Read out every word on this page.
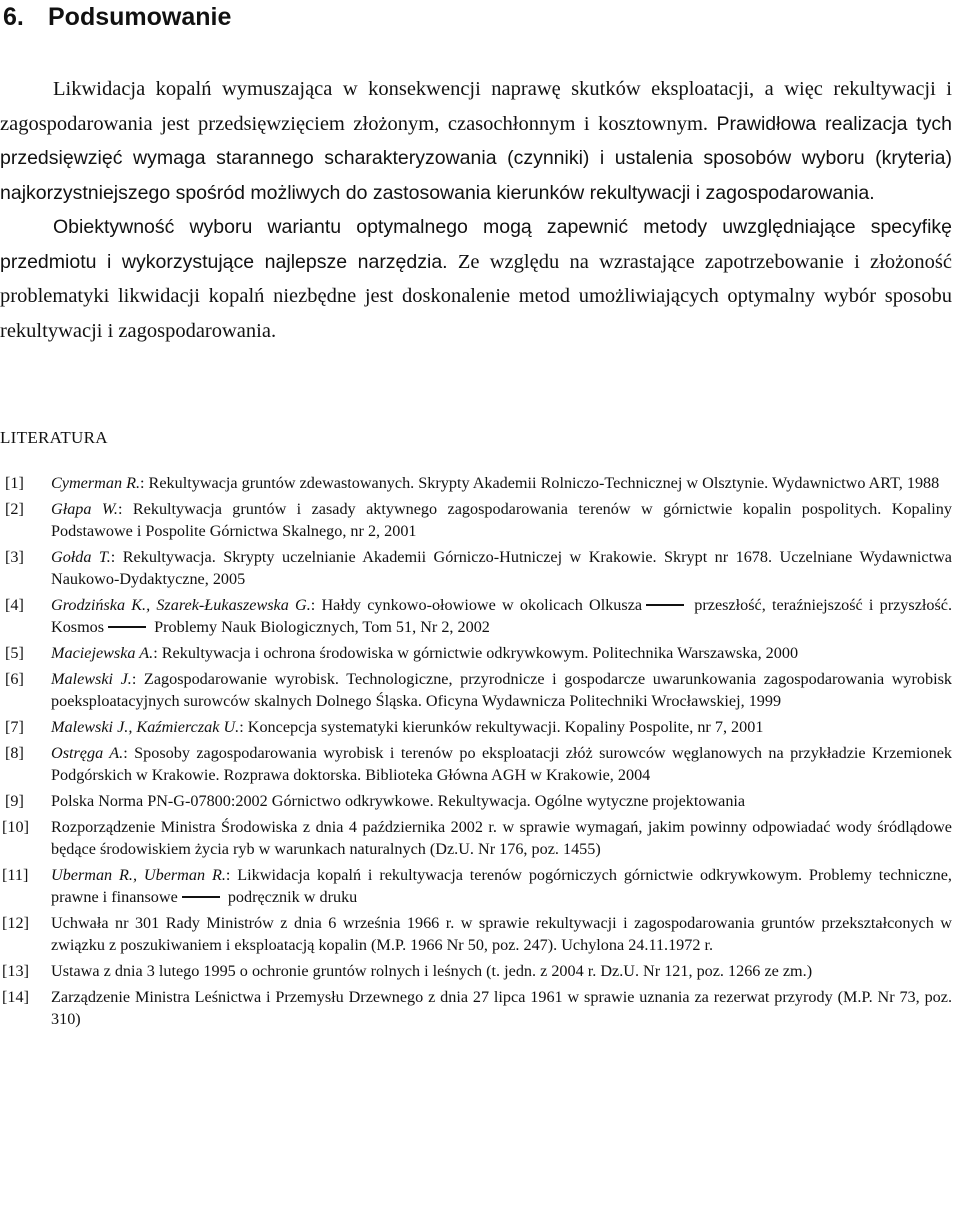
6. Podsumowanie

Likwidacja kopalń wymuszająca w konsekwencji naprawę skutków eksploatacji, a więc rekultywacji i zagospodarowania jest przedsięwzięciem złożonym, czasochłonnym i kosztownym. Prawidłowa realizacja tych przedsięwzięć wymaga starannego scharakteryzowania (czynniki) i ustalenia sposobów wyboru (kryteria) najkorzystniejszego spośród możliwych do zastosowania kierunków rekultywacji i zagospodarowania.

Obiektywność wyboru wariantu optymalnego mogą zapewnić metody uwzględniające specyfikę przedmiotu i wykorzystujące najlepsze narzędzia. Ze względu na wzrastające zapotrzebowanie i złożoność problematyki likwidacji kopalń niezbędne jest doskonalenie metod umożliwiających optymalny wybór sposobu rekultywacji i zagospodarowania.

LITERATURA
[1] Cymerman R.: Rekultywacja gruntów zdewastowanych. Skrypty Akademii Rolniczo-Technicznej w Olsztynie. Wydawnictwo ART, 1988
[2] Głapa W.: Rekultywacja gruntów i zasady aktywnego zagospodarowania terenów w górnictwie kopalin pospolitych. Kopaliny Podstawowe i Pospolite Górnictwa Skalnego, nr 2, 2001
[3] Gołda T.: Rekultywacja. Skrypty uczelnianie Akademii Górniczo-Hutniczej w Krakowie. Skrypt nr 1678. Uczelniane Wydawnictwa Naukowo-Dydaktyczne, 2005
[4] Grodzińska K., Szarek-Łukaszewska G.: Hałdy cynkowo-ołowiowe w okolicach Olkusza	przeszłość, teraźniejszość i przyszłość. Kosmos	Problemy Nauk Biologicznych, Tom 51, Nr 2, 2002
[5] Maciejewska A.: Rekultywacja i ochrona środowiska w górnictwie odkrywkowym. Politechnika Warszawska, 2000
[6] Malewski J.: Zagospodarowanie wyrobisk. Technologiczne, przyrodnicze i gospodarcze uwarunkowania zagospodarowania wyrobisk poeksploatacyjnych surowców skalnych Dolnego Śląska. Oficyna Wydawnicza Politechniki Wrocławskiej, 1999
[7] Malewski J., Kaźmierczak U.: Koncepcja systematyki kierunków rekultywacji. Kopaliny Pospolite, nr 7, 2001
[8] Ostręga A.: Sposoby zagospodarowania wyrobisk i terenów po eksploatacji złóż surowców węglanowych na przykładzie Krzemionek Podgórskich w Krakowie. Rozprawa doktorska. Biblioteka Główna AGH w Krakowie, 2004
[9] Polska Norma PN-G-07800:2002 Górnictwo odkrywkowe. Rekultywacja. Ogólne wytyczne projektowania
[10] Rozporządzenie Ministra Środowiska z dnia 4 października 2002 r. w sprawie wymagań, jakim powinny odpowiadać wody śródlądowe będące środowiskiem życia ryb w warunkach naturalnych (Dz.U. Nr 176, poz. 1455)
[11] Uberman R., Uberman R.: Likwidacja kopalń i rekultywacja terenów pogórniczych górnictwie odkrywkowym. Problemy techniczne, prawne i finansowe	podręcznik w druku
[12] Uchwała nr 301 Rady Ministrów z dnia 6 września 1966 r. w sprawie rekultywacji i zagospodarowania gruntów przekształconych w związku z poszukiwaniem i eksploatacją kopalin (M.P. 1966 Nr 50, poz. 247). Uchylona 24.11.1972 r.
[13] Ustawa z dnia 3 lutego 1995 o ochronie gruntów rolnych i leśnych (t. jedn. z 2004 r. Dz.U. Nr 121, poz. 1266 ze zm.)
[14] Zarządzenie Ministra Leśnictwa i Przemysłu Drzewnego z dnia 27 lipca 1961 w sprawie uznania za rezerwat przyrody (M.P. Nr 73, poz. 310)
